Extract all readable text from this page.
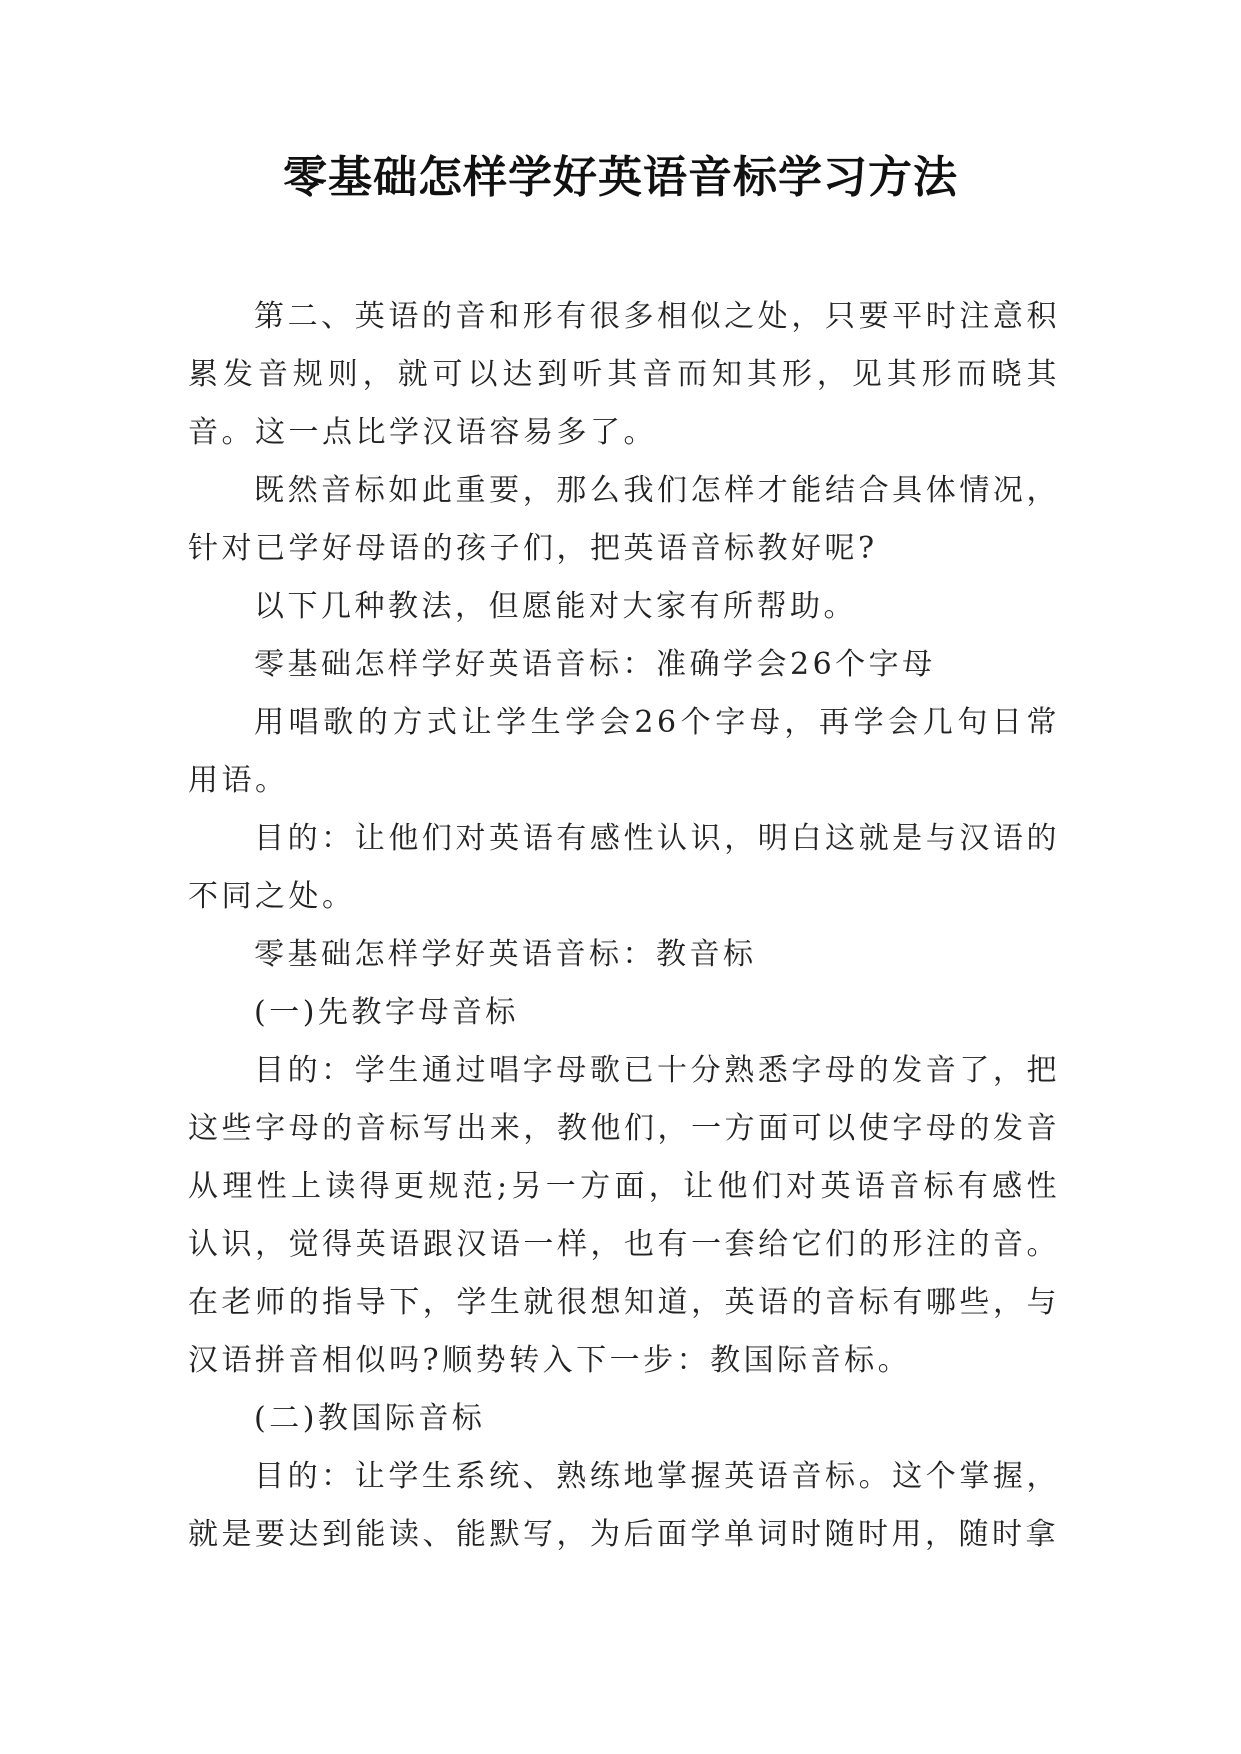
零基础怎样学好英语音标学习方法

第二、英语的音和形有很多相似之处，只要平时注意积累发音规则，就可以达到听其音而知其形，见其形而晓其音。这一点比学汉语容易多了。

既然音标如此重要，那么我们怎样才能结合具体情况，针对已学好母语的孩子们，把英语音标教好呢?

以下几种教法，但愿能对大家有所帮助。

零基础怎样学好英语音标：准确学会26个字母

用唱歌的方式让学生学会26个字母，再学会几句日常用语。

目的：让他们对英语有感性认识，明白这就是与汉语的不同之处。

零基础怎样学好英语音标：教音标

(一)先教字母音标

目的：学生通过唱字母歌已十分熟悉字母的发音了，把这些字母的音标写出来，教他们，一方面可以使字母的发音从理性上读得更规范;另一方面，让他们对英语音标有感性认识，觉得英语跟汉语一样，也有一套给它们的形注的音。在老师的指导下，学生就很想知道，英语的音标有哪些，与汉语拼音相似吗?顺势转入下一步：教国际音标。

(二)教国际音标

目的：让学生系统、熟练地掌握英语音标。这个掌握，就是要达到能读、能默写，为后面学单词时随时用，随时拿
